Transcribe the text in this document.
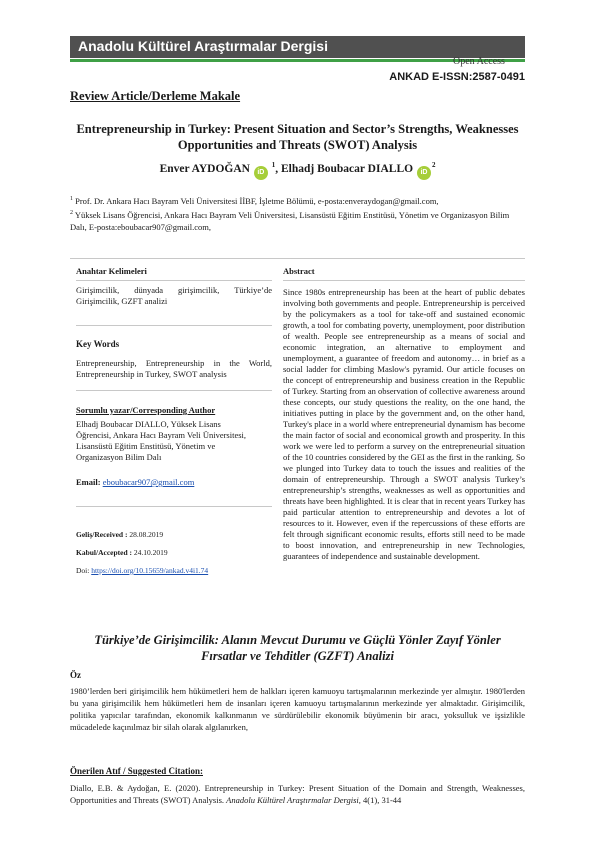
Anadolu Kültürel Araştırmalar Dergisi
Open Access
ANKAD E-ISSN:2587-0491
Review Article/Derleme Makale
Entrepreneurship in Turkey: Present Situation and Sector’s Strengths, Weaknesses Opportunities and Threats (SWOT) Analysis
Enver AYDOĞAN iD $^1$, Elhadj Boubacar DIALLO $iD^2$
$^1$ Prof. Dr. Ankara Hacı Bayram Veli Üniversitesi İİBF, İşletme Bölümü, e-posta:enveraydogan@gmail.com,
$^2$ Yüksek Lisans Öğrencisi, Ankara Hacı Bayram Veli Üniversitesi, Lisansüstü Eğitim Enstitüsü, Yönetim ve Organizasyon Bilim Dalı, E-posta:eboubacar907@gmail.com,
Anahtar Kelimeleri
Girişimcilik, dünyada girişimcilik, Türkiye’de Girişimcilik, GZFT analizi
Key Words
Entrepreneurship, Entrepreneurship in the World, Entrepreneurship in Turkey, SWOT analysis
Sorumlu yazar/Corresponding Author
Elhadj Boubacar DIALLO, Yüksek Lisans Öğrencisi, Ankara Hacı Bayram Veli Üniversitesi, Lisansüstü Eğitim Enstitüsü, Yönetim ve Organizasyon Bilim Dalı
Email: eboubacar907@gmail.com
Geliş/Received : 28.08.2019
Kabul/Accepted : 24.10.2019
Doi: https://doi.org/10.15659/ankad.v4i1.74
Abstract
Since 1980s entrepreneurship has been at the heart of public debates involving both governments and people. Entrepreneurship is perceived by the policymakers as a tool for take-off and sustained economic growth, a tool for combating poverty, unemployment, poor distribution of wealth. People see entrepreneurship as a means of social and economic integration, an alternative to employment and unemployment, a guarantee of freedom and autonomy… in brief as a social ladder for climbing Maslow's pyramid. Our article focuses on the concept of entrepreneurship and business creation in the Republic of Turkey. Starting from an observation of collective awareness around these concepts, our study questions the reality, on the one hand, the initiatives putting in place by the government and, on the other hand, Turkey's place in a world where entrepreneurial dynamism has become the main factor of social and economical growth and prosperity. In this work we were led to perform a survey on the entrepreneurial situation of the 10 countries considered by the GEI as the first in the ranking. So we plunged into Turkey data to touch the issues and realities of the domain of entrepreneurship. Through a SWOT analysis Turkey’s entrepreneurship’s strengths, weaknesses as well as opportunities and threats have been highlighted. It is clear that in recent years Turkey has paid particular attention to entrepreneurship and devotes a lot of resources to it. However, even if the repercussions of these efforts are felt through significant economic results, efforts still need to be made to boost innovation, and entrepreneurship in new Technologies, guarantees of independence and sustainable development.
Türkiye’de Girişimcilik: Alanın Mevcut Durumu ve Güçlü Yönler Zayıf Yönler Fırsatlar ve Tehditler (GZFT) Analizi
Öz
1980’lerden beri girişimcilik hem hükümetleri hem de halkları içeren kamuoyu tartışmalarının merkezinde yer almıştır. 1980'lerden bu yana girişimcilik hem hükümetleri hem de insanları içeren kamuoyu tartışmalarının merkezinde yer almaktadır. Girişimcilik, politika yapıcılar tarafından, ekonomik kalkınmanın ve sürdürülebilir ekonomik büyümenin bir aracı, yoksulluk ve işsizlikle mücadelede kaçınılmaz bir silah olarak algılanırken,
Önerilen Atıf / Suggested Citation:
Diallo, E.B. & Aydoğan, E. (2020). Entrepreneurship in Turkey: Present Situation of the Domain and Strength, Weaknesses, Opportunities and Threats (SWOT) Analysis. Anadolu Kültürel Araştırmalar Dergisi, 4(1), 31-44
